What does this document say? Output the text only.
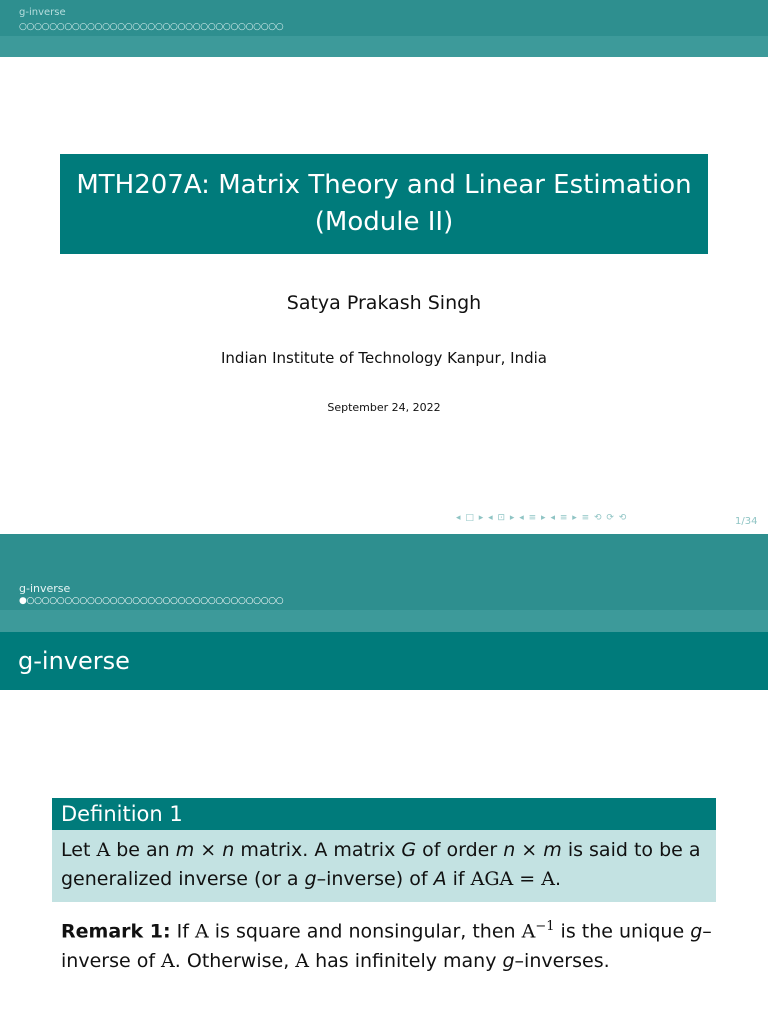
g-inverse
○○○○○○○○○○○○○○○○○○○○○○○○○○○○○○○○○○○
MTH207A: Matrix Theory and Linear Estimation
(Module II)
Satya Prakash Singh
Indian Institute of Technology Kanpur, India
September 24, 2022
◂ □ ▸ ◂ ⊡ ▸ ◂ ≡ ▸ ◂ ≡ ▸ ≡ ⟲ ⟳ ⟲	1/34
g-inverse
●○○○○○○○○○○○○○○○○○○○○○○○○○○○○○○○○○○
g-inverse
Definition 1
Let A be an m × n matrix. A matrix G of order n × m is said to be a generalized inverse (or a g–inverse) of A if AGA = A.
Remark 1: If A is square and nonsingular, then $A^{-1}$ is the unique g–inverse of A. Otherwise, A has infinitely many g–inverses.
